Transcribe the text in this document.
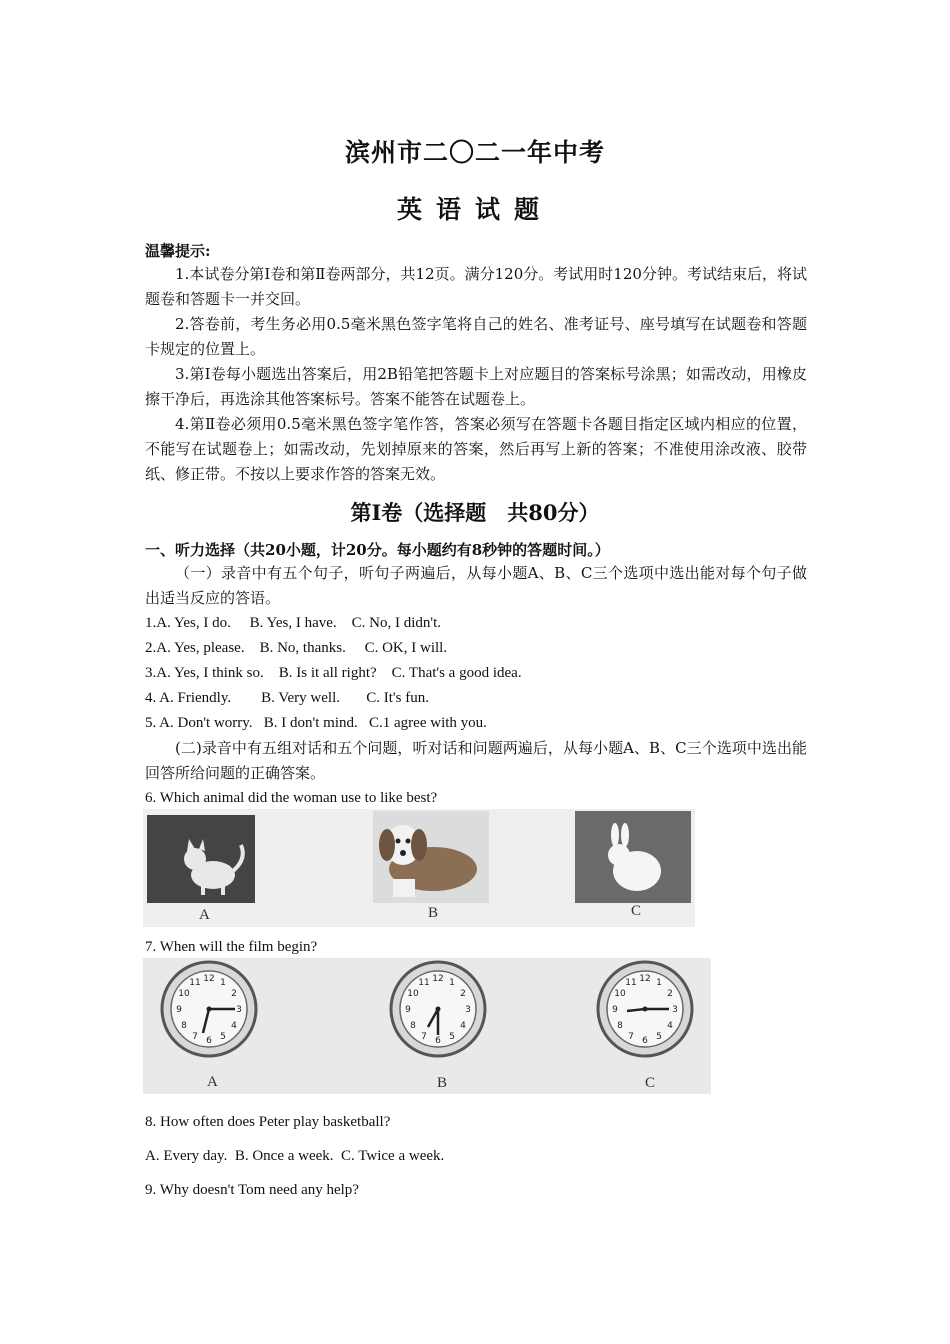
滨州市二〇二一年中考
英语试题
温馨提示:
1.本试卷分第Ⅰ卷和第Ⅱ卷两部分，共12页。满分120分。考试用时120分钟。考试结束后，将试题卷和答题卡一并交回。
2.答卷前，考生务必用0.5毫米黑色签字笔将自己的姓名、准考证号、座号填写在试题卷和答题卡规定的位置上。
3.第Ⅰ卷每小题选出答案后，用2B铅笔把答题卡上对应题目的答案标号涂黑；如需改动，用橡皮擦干净后，再选涂其他答案标号。答案不能答在试题卷上。
4.第Ⅱ卷必须用0.5毫米黑色签字笔作答，答案必须写在答题卡各题目指定区域内相应的位置，不能写在试题卷上；如需改动，先划掉原来的答案，然后再写上新的答案；不准使用涂改液、胶带纸、修正带。不按以上要求作答的答案无效。
第Ⅰ卷（选择题　共80分）
一、听力选择（共20小题，计20分。每小题约有8秒钟的答题时间。）
（一）录音中有五个句子，听句子两遍后，从每小题A、B、C三个选项中选出能对每个句子做出适当反应的答语。
1.A. Yes, I do.     B. Yes, I have.    C. No, I didn't.
2.A. Yes, please.    B. No, thanks.     C. OK, I will.
3.A. Yes, I think so.    B. Is it all right?    C. That's a good idea.
4. A. Friendly.        B. Very well.       C. It's fun.
5. A. Don't worry.   B. I don't mind.   C.1 agree with you.
(二)录音中有五组对话和五个问题，听对话和问题两遍后，从每小题A、B、C三个选项中选出能回答所给问题的正确答案。
6. Which animal did the woman use to like best?
A	B	C
7. When will the film begin?
12 1
2
3
4
5
6
7
8
9
10
11	12 1
2
3
4
5
6
7
8
9
10
11	12 1
2
3
4
5
6
7
8
9
10
11
A	B	C
8. How often does Peter play basketball?
A. Every day.  B. Once a week.  C. Twice a week.
9. Why doesn't Tom need any help?
